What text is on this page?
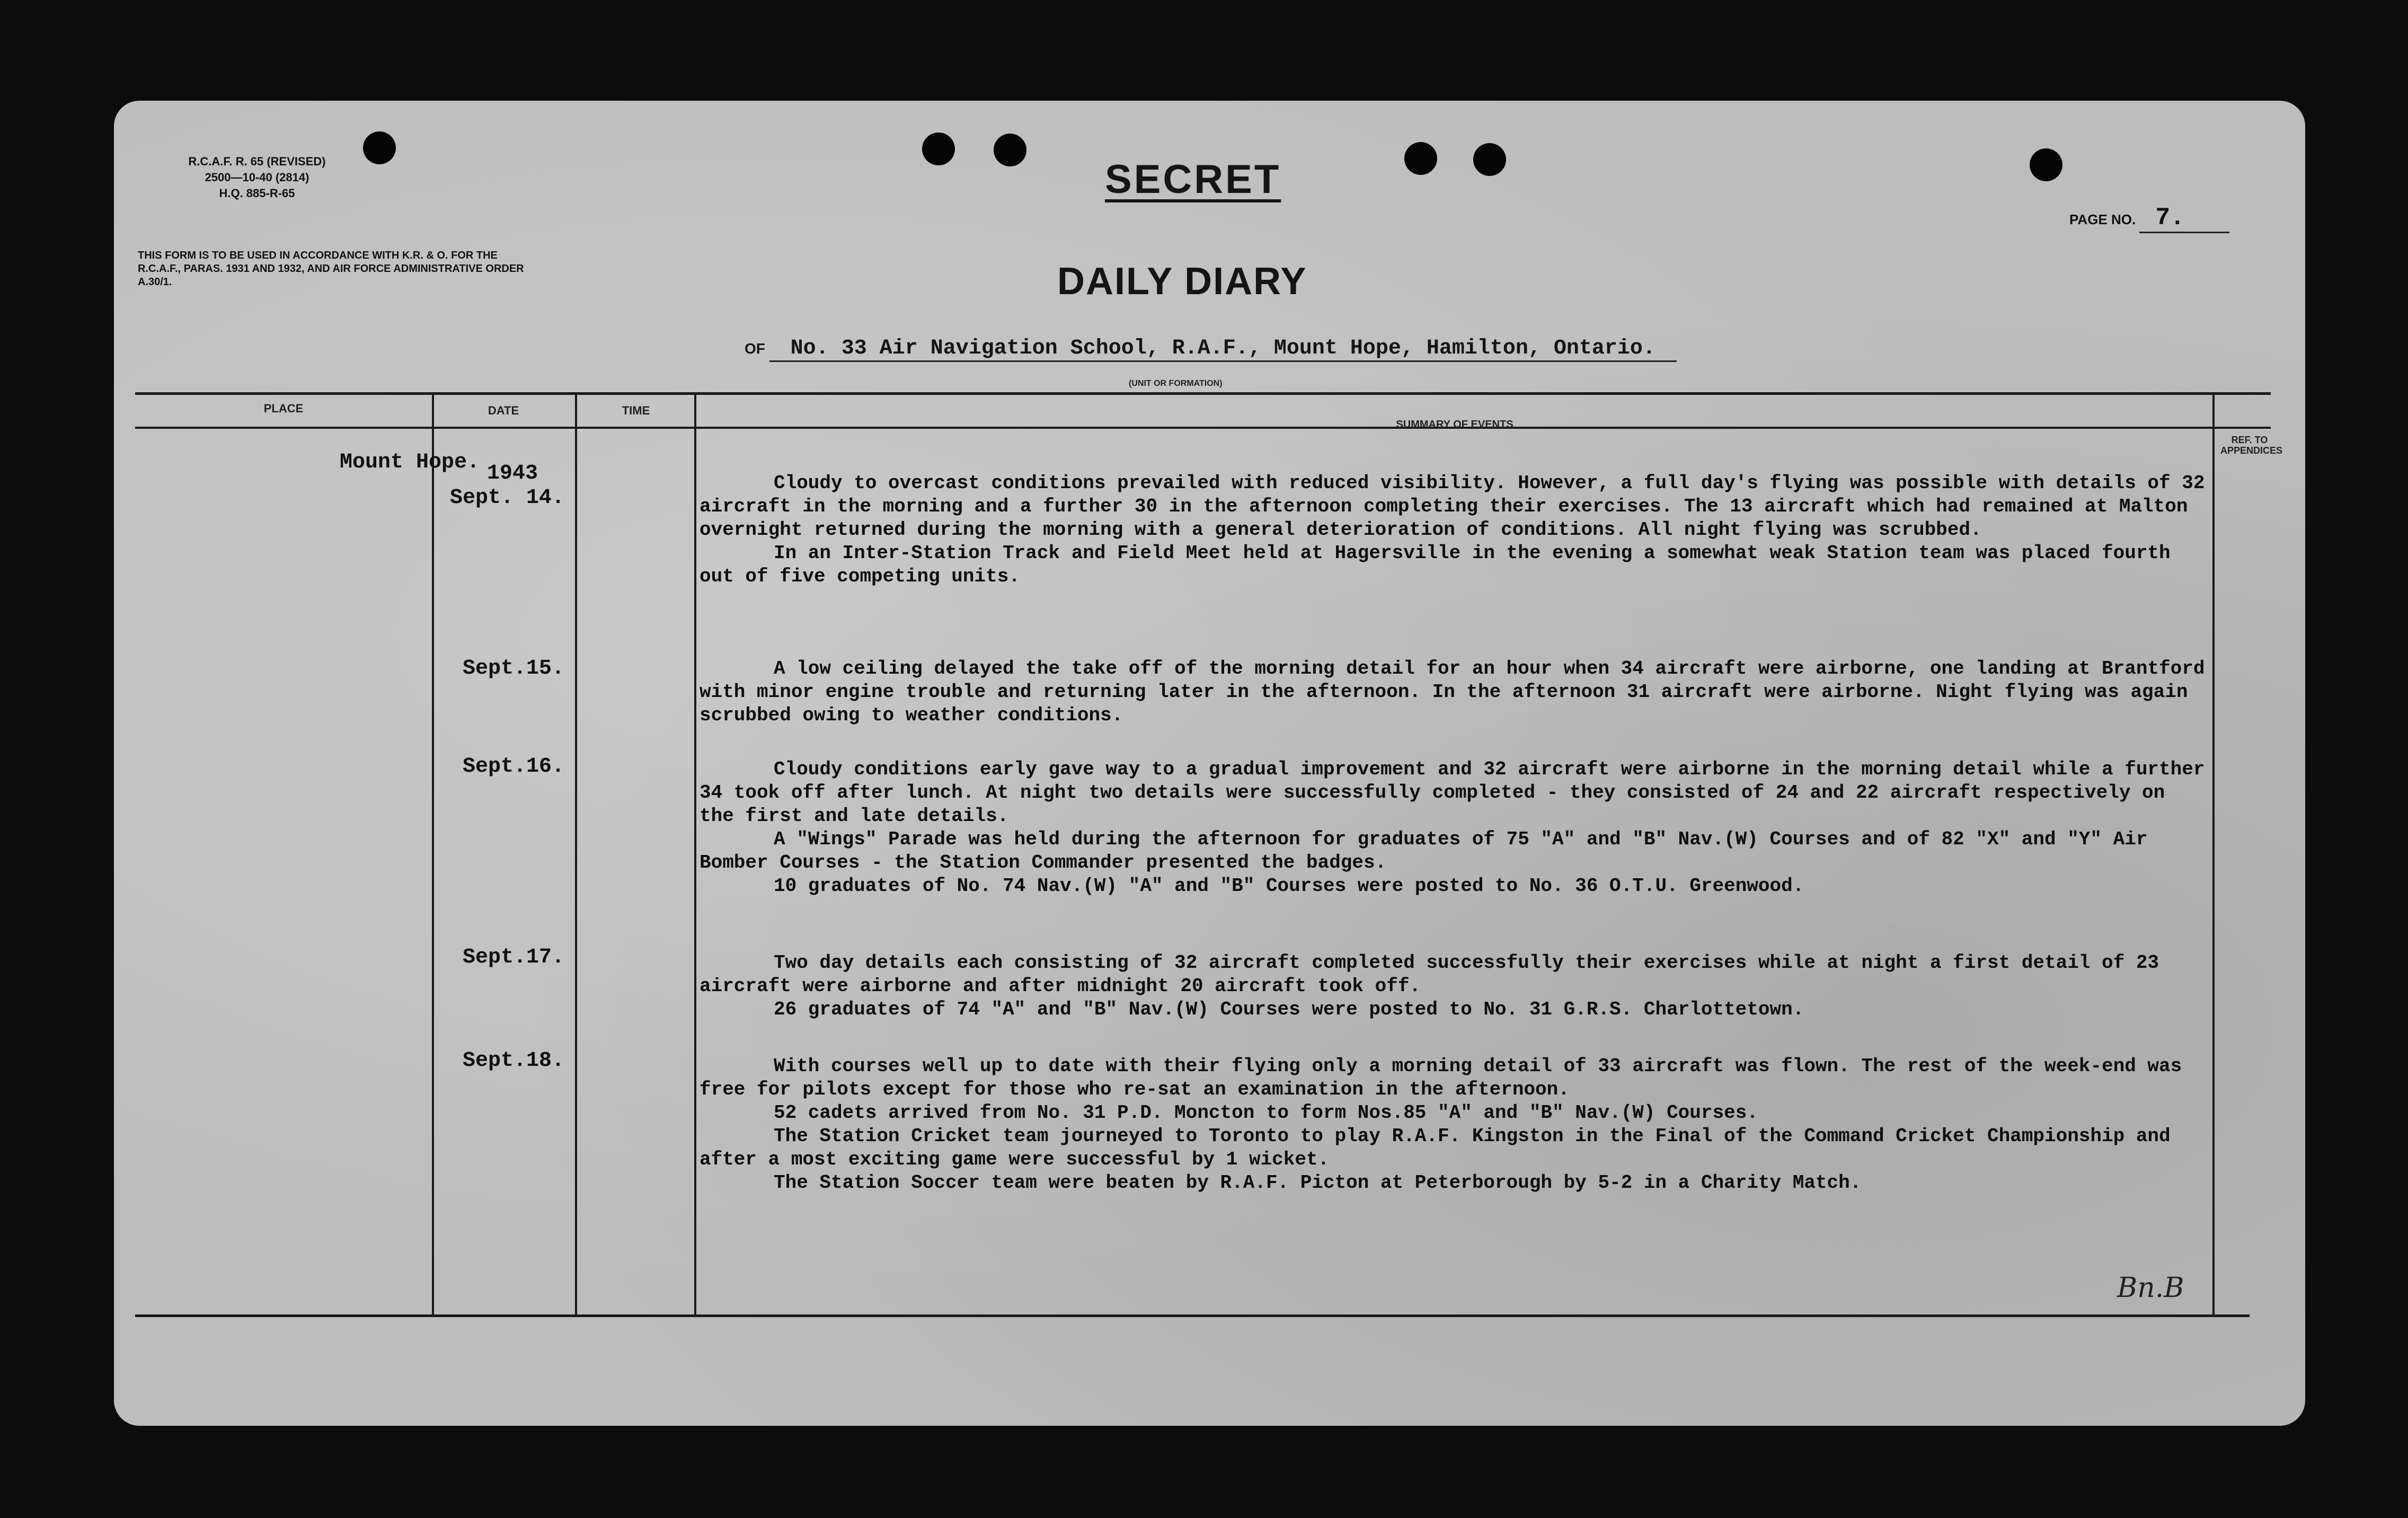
R.C.A.F. R. 65 (REVISED)
2500—10-40 (2814)
H.Q. 885-R-65
THIS FORM IS TO BE USED IN ACCORDANCE WITH K.R. & O. FOR THE R.C.A.F., PARAS. 1931 AND 1932, AND AIR FORCE ADMINISTRATIVE ORDER A.30/1.
SECRET
PAGE NO. 7.
DAILY DIARY
OF No. 33 Air Navigation School, R.A.F., Mount Hope, Hamilton, Ontario.
(UNIT OR FORMATION)
PLACE	DATE	TIME
SUMMARY OF EVENTS
REF. TO APPENDICES
Mount Hope. 1943
Sept. 14.
Sept.15.
Sept.16.
Sept.17.
Sept.18.

Cloudy to overcast conditions prevailed with reduced visibility. However, a full day's flying was possible with details of 32 aircraft in the morning and a further 30 in the afternoon completing their exercises. The 13 aircraft which had remained at Malton overnight returned during the morning with a general deterioration of conditions. All night flying was scrubbed.

In an Inter-Station Track and Field Meet held at Hagersville in the evening a somewhat weak Station team was placed fourth out of five competing units.

A low ceiling delayed the take off of the morning detail for an hour when 34 aircraft were airborne, one landing at Brantford with minor engine trouble and returning later in the afternoon. In the afternoon 31 aircraft were airborne. Night flying was again scrubbed owing to weather conditions.

Cloudy conditions early gave way to a gradual improvement and 32 aircraft were airborne in the morning detail while a further 34 took off after lunch. At night two details were successfully completed - they consisted of 24 and 22 aircraft respectively on the first and late details.

A "Wings" Parade was held during the afternoon for graduates of 75 "A" and "B" Nav.(W) Courses and of 82 "X" and "Y" Air Bomber Courses - the Station Commander presented the badges.

10 graduates of No. 74 Nav.(W) "A" and "B" Courses were posted to No. 36 O.T.U. Greenwood.

Two day details each consisting of 32 aircraft completed successfully their exercises while at night a first detail of 23 aircraft were airborne and after midnight 20 aircraft took off.

26 graduates of 74 "A" and "B" Nav.(W) Courses were posted to No. 31 G.R.S. Charlottetown.

With courses well up to date with their flying only a morning detail of 33 aircraft was flown. The rest of the week-end was free for pilots except for those who re-sat an examination in the afternoon.

52 cadets arrived from No. 31 P.D. Moncton to form Nos.85 "A" and "B" Nav.(W) Courses.

The Station Cricket team journeyed to Toronto to play R.A.F. Kingston in the Final of the Command Cricket Championship and after a most exciting game were successful by 1 wicket.

The Station Soccer team were beaten by R.A.F. Picton at Peterborough by 5-2 in a Charity Match.

Bn.B
